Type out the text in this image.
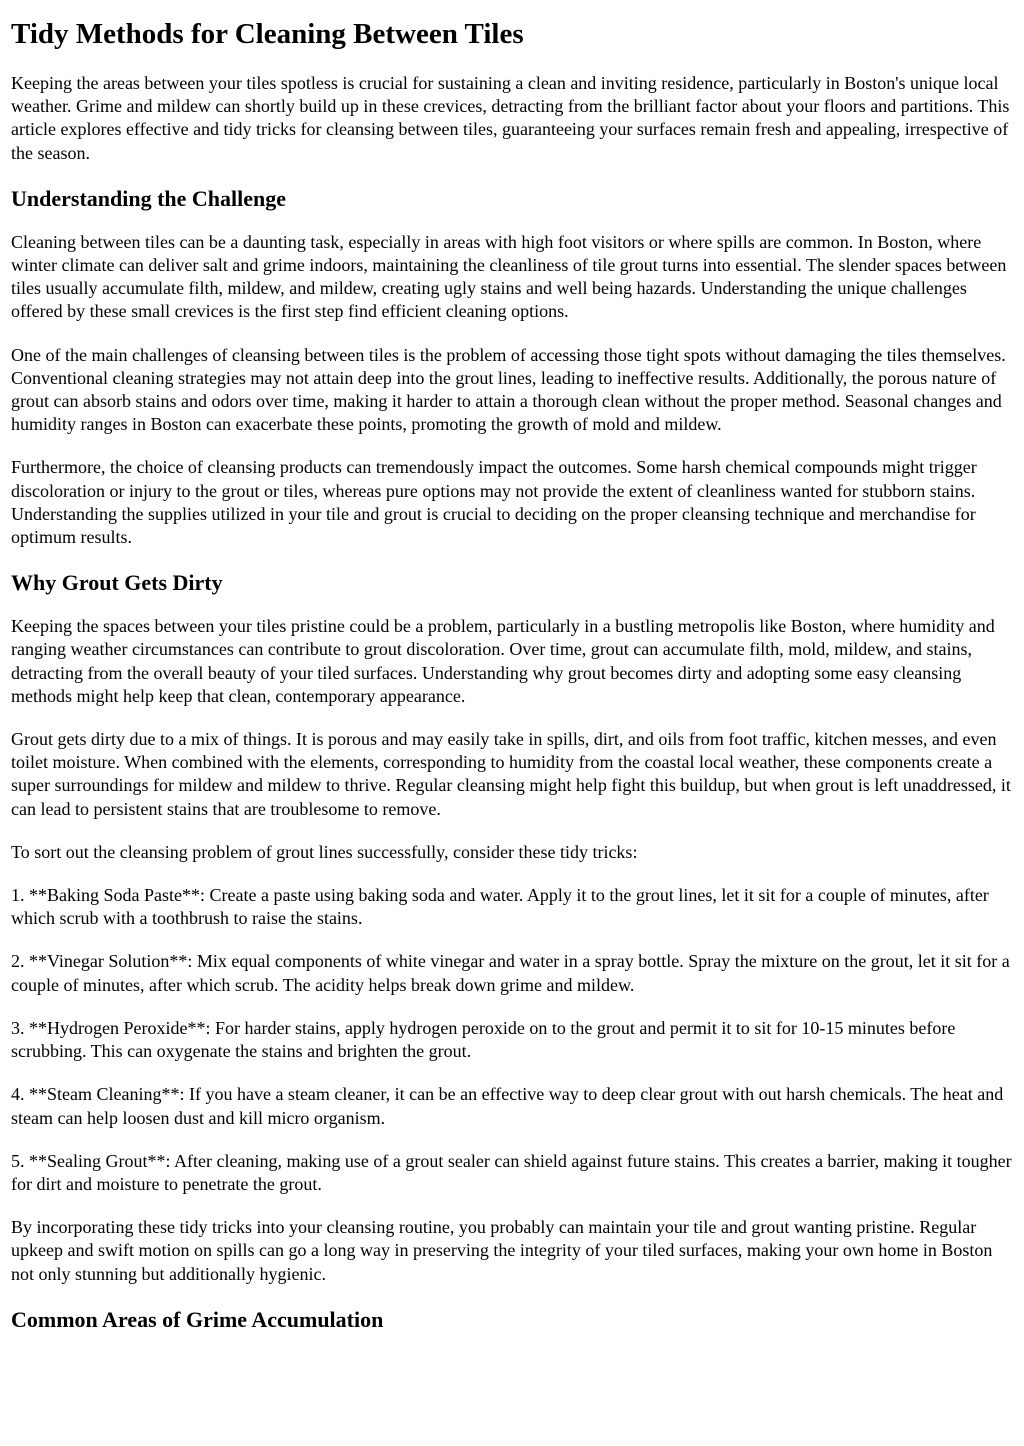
Tidy Methods for Cleaning Between Tiles

Keeping the areas between your tiles spotless is crucial for sustaining a clean and inviting residence, particularly in Boston's unique local weather. Grime and mildew can shortly build up in these crevices, detracting from the brilliant factor about your floors and partitions. This article explores effective and tidy tricks for cleansing between tiles, guaranteeing your surfaces remain fresh and appealing, irrespective of the season.

Understanding the Challenge

Cleaning between tiles can be a daunting task, especially in areas with high foot visitors or where spills are common. In Boston, where winter climate can deliver salt and grime indoors, maintaining the cleanliness of tile grout turns into essential. The slender spaces between tiles usually accumulate filth, mildew, and mildew, creating ugly stains and well being hazards. Understanding the unique challenges offered by these small crevices is the first step find efficient cleaning options.

One of the main challenges of cleansing between tiles is the problem of accessing those tight spots without damaging the tiles themselves. Conventional cleaning strategies may not attain deep into the grout lines, leading to ineffective results. Additionally, the porous nature of grout can absorb stains and odors over time, making it harder to attain a thorough clean without the proper method. Seasonal changes and humidity ranges in Boston can exacerbate these points, promoting the growth of mold and mildew.

Furthermore, the choice of cleansing products can tremendously impact the outcomes. Some harsh chemical compounds might trigger discoloration or injury to the grout or tiles, whereas pure options may not provide the extent of cleanliness wanted for stubborn stains. Understanding the supplies utilized in your tile and grout is crucial to deciding on the proper cleansing technique and merchandise for optimum results.

Why Grout Gets Dirty

Keeping the spaces between your tiles pristine could be a problem, particularly in a bustling metropolis like Boston, where humidity and ranging weather circumstances can contribute to grout discoloration. Over time, grout can accumulate filth, mold, mildew, and stains, detracting from the overall beauty of your tiled surfaces. Understanding why grout becomes dirty and adopting some easy cleansing methods might help keep that clean, contemporary appearance.

Grout gets dirty due to a mix of things. It is porous and may easily take in spills, dirt, and oils from foot traffic, kitchen messes, and even toilet moisture. When combined with the elements, corresponding to humidity from the coastal local weather, these components create a super surroundings for mildew and mildew to thrive. Regular cleansing might help fight this buildup, but when grout is left unaddressed, it can lead to persistent stains that are troublesome to remove.

To sort out the cleansing problem of grout lines successfully, consider these tidy tricks:

1. **Baking Soda Paste**: Create a paste using baking soda and water. Apply it to the grout lines, let it sit for a couple of minutes, after which scrub with a toothbrush to raise the stains.

2. **Vinegar Solution**: Mix equal components of white vinegar and water in a spray bottle. Spray the mixture on the grout, let it sit for a couple of minutes, after which scrub. The acidity helps break down grime and mildew.

3. **Hydrogen Peroxide**: For harder stains, apply hydrogen peroxide on to the grout and permit it to sit for 10-15 minutes before scrubbing. This can oxygenate the stains and brighten the grout.

4. **Steam Cleaning**: If you have a steam cleaner, it can be an effective way to deep clear grout with out harsh chemicals. The heat and steam can help loosen dust and kill micro organism.

5. **Sealing Grout**: After cleaning, making use of a grout sealer can shield against future stains. This creates a barrier, making it tougher for dirt and moisture to penetrate the grout.

By incorporating these tidy tricks into your cleansing routine, you probably can maintain your tile and grout wanting pristine. Regular upkeep and swift motion on spills can go a long way in preserving the integrity of your tiled surfaces, making your own home in Boston not only stunning but additionally hygienic.

Common Areas of Grime Accumulation
